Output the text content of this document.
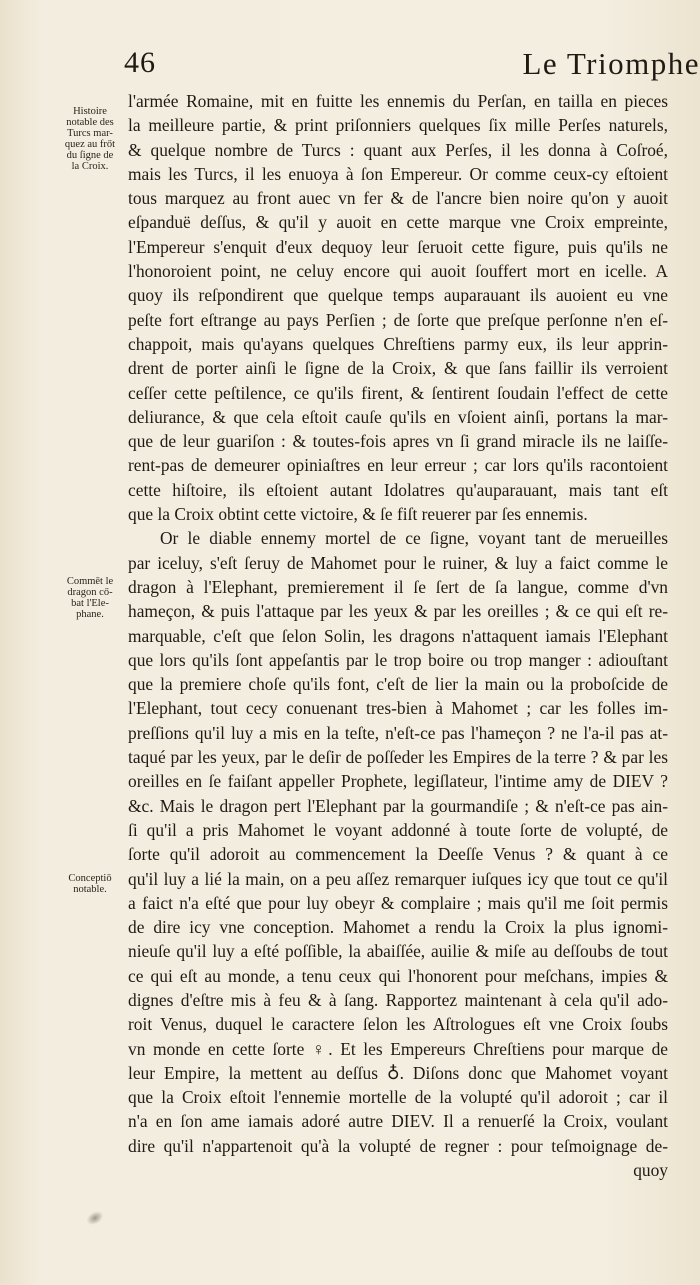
46	Le Triomphe
Histoire
notable des
Turcs mar-
quez au frőt
du ſigne de
la Croix.
Commēt le
dragon cő-
bat l'Ele-
phane.
Conceptiō
notable.
l'armée Romaine, mit en fuitte les ennemis du Perſan, en tailla en pieces
la meilleure partie, & print priſonniers quelques ſix mille Perſes naturels,
& quelque nombre de Turcs : quant aux Perſes, il les donna à Coſroé,
mais les Turcs, il les enuoya à ſon Empereur. Or comme ceux-cy eſtoient
tous marquez au front auec vn fer & de l'ancre bien noire qu'on y auoit
eſpanduë deſſus, & qu'il y auoit en cette marque vne Croix empreinte,
l'Empereur s'enquit d'eux dequoy leur ſeruoit cette figure, puis qu'ils ne
l'honoroient point, ne celuy encore qui auoit ſouffert mort en icelle. A
quoy ils reſpondirent que quelque temps auparauant ils auoient eu vne
peſte fort eſtrange au pays Perſien ; de ſorte que preſque perſonne n'en eſ-
chappoit, mais qu'ayans quelques Chreſtiens parmy eux, ils leur apprin-
drent de porter ainſi le ſigne de la Croix, & que ſans faillir ils verroient
ceſſer cette peſtilence, ce qu'ils firent, & ſentirent ſoudain l'effect de cette
deliurance, & que cela eſtoit cauſe qu'ils en vſoient ainſi, portans la mar-
que de leur guariſon : & toutes-fois apres vn ſi grand miracle ils ne laiſſe-
rent-pas de demeurer opiniaſtres en leur erreur ; car lors qu'ils racontoient
cette hiſtoire, ils eſtoient autant Idolatres qu'auparauant, mais tant eſt
que la Croix obtint cette victoire, & ſe fiſt reuerer par ſes ennemis.
Or le diable ennemy mortel de ce ſigne, voyant tant de merueilles
par iceluy, s'eſt ſeruy de Mahomet pour le ruiner, & luy a faict comme le
dragon à l'Elephant, premierement il ſe ſert de ſa langue, comme d'vn
hameçon, & puis l'attaque par les yeux & par les oreilles ; & ce qui eſt re-
marquable, c'eſt que ſelon Solin, les dragons n'attaquent iamais l'Elephant
que lors qu'ils ſont appeſantis par le trop boire ou trop manger : adiouſtant
que la premiere choſe qu'ils font, c'eſt de lier la main ou la proboſcide de
l'Elephant, tout cecy conuenant tres-bien à Mahomet ; car les folles im-
preſſions qu'il luy a mis en la teſte, n'eſt-ce pas l'hameçon ? ne l'a-il pas at-
taqué par les yeux, par le deſir de poſſeder les Empires de la terre ? & par les
oreilles en ſe faiſant appeller Prophete, legiſlateur, l'intime amy de DIEV ?
&c. Mais le dragon pert l'Elephant par la gourmandiſe ; & n'eſt-ce pas ain-
ſi qu'il a pris Mahomet le voyant addonné à toute ſorte de volupté, de
ſorte qu'il adoroit au commencement la Deeſſe Venus ? & quant à ce
qu'il luy a lié la main, on a peu aſſez remarquer iuſques icy que tout ce qu'il
a faict n'a eſté que pour luy obeyr & complaire ; mais qu'il me ſoit permis
de dire icy vne conception. Mahomet a rendu la Croix la plus ignomi-
nieuſe qu'il luy a eſté poſſible, la abaiſſée, auilie & miſe au deſſoubs de tout
ce qui eſt au monde, a tenu ceux qui l'honorent pour meſchans, impies &
dignes d'eſtre mis à feu & à ſang. Rapportez maintenant à cela qu'il ado-
roit Venus, duquel le caractere ſelon les Aſtrologues eſt vne Croix ſoubs
vn monde en cette ſorte ♀. Et les Empereurs Chreſtiens pour marque de
leur Empire, la mettent au deſſus ♁. Diſons donc que Mahomet voyant
que la Croix eſtoit l'ennemie mortelle de la volupté qu'il adoroit ; car il
n'a en ſon ame iamais adoré autre DIEV. Il a renuerſé la Croix, voulant
dire qu'il n'appartenoit qu'à la volupté de regner : pour teſmoignage de-
quoy
